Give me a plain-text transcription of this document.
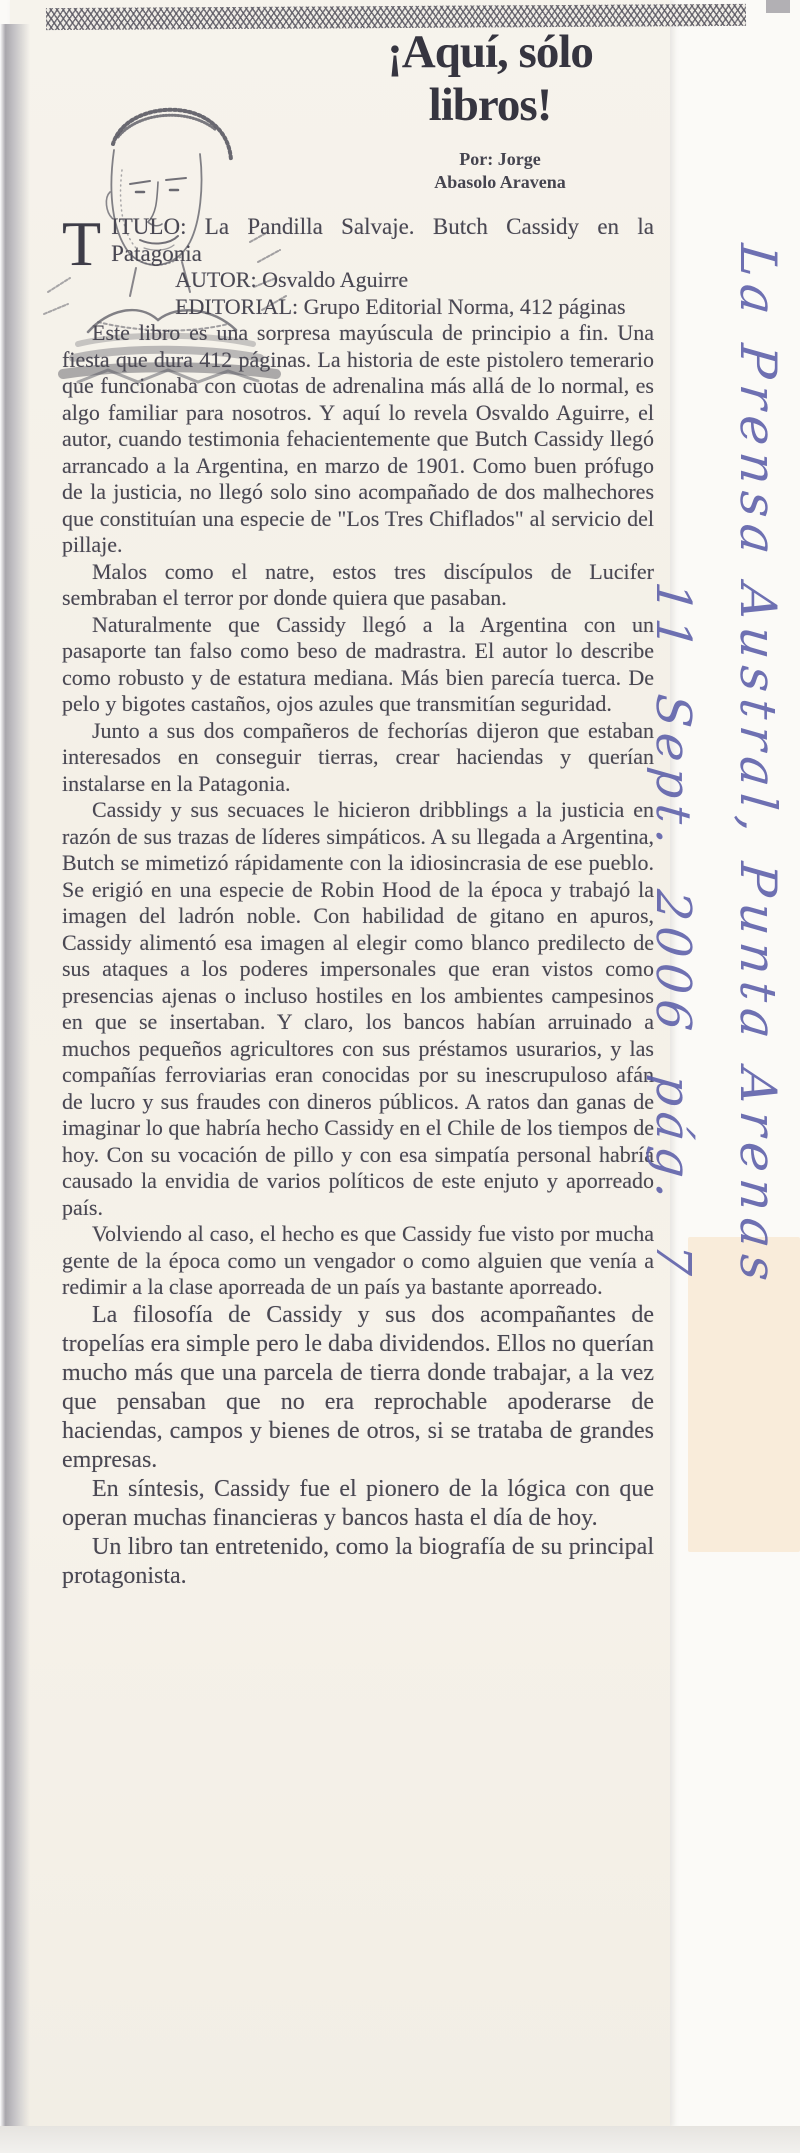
¡Aquí, sólo
libros!
Por: Jorge
Abasolo Aravena

TITULO: La Pandilla Salvaje. Butch Cassidy en la Patagonia

AUTOR: Osvaldo Aguirre

EDITORIAL: Grupo Editorial Norma, 412 páginas

Este libro es una sorpresa mayúscula de principio a fin. Una fiesta que dura 412 páginas. La historia de este pistolero temerario que funcionaba con cuotas de adrenalina más allá de lo normal, es algo familiar para nosotros. Y aquí lo revela Osvaldo Aguirre, el autor, cuando testimonia fehacientemente que Butch Cassidy llegó arrancado a la Argentina, en marzo de 1901. Como buen prófugo de la justicia, no llegó solo sino acompañado de dos malhechores que constituían una especie de "Los Tres Chiflados" al servicio del pillaje.

Malos como el natre, estos tres discípulos de Lucifer sembraban el terror por donde quiera que pasaban.

Naturalmente que Cassidy llegó a la Argentina con un pasaporte tan falso como beso de madrastra. El autor lo describe como robusto y de estatura mediana. Más bien parecía tuerca. De pelo y bigotes castaños, ojos azules que transmitían seguridad.

Junto a sus dos compañeros de fechorías dijeron que estaban interesados en conseguir tierras, crear haciendas y querían instalarse en la Patagonia.

Cassidy y sus secuaces le hicieron dribblings a la justicia en razón de sus trazas de líderes simpáticos. A su llegada a Argentina, Butch se mimetizó rápidamente con la idiosincrasia de ese pueblo. Se erigió en una especie de Robin Hood de la época y trabajó la imagen del ladrón noble. Con habilidad de gitano en apuros, Cassidy alimentó esa imagen al elegir como blanco predilecto de sus ataques a los poderes impersonales que eran vistos como presencias ajenas o incluso hostiles en los ambientes campesinos en que se insertaban. Y claro, los bancos habían arruinado a muchos pequeños agricultores con sus préstamos usurarios, y las compañías ferroviarias eran conocidas por su inescrupuloso afán de lucro y sus fraudes con dineros públicos. A ratos dan ganas de imaginar lo que habría hecho Cassidy en el Chile de los tiempos de hoy. Con su vocación de pillo y con esa simpatía personal habría causado la envidia de varios políticos de este enjuto y aporreado país.

Volviendo al caso, el hecho es que Cassidy fue visto por mucha gente de la época como un vengador o como alguien que venía a redimir a la clase aporreada de un país ya bastante aporreado.

La filosofía de Cassidy y sus dos acompañantes de tropelías era simple pero le daba dividendos. Ellos no querían mucho más que una parcela de tierra donde trabajar, a la vez que pensaban que no era reprochable apoderarse de haciendas, campos y bienes de otros, si se trataba de grandes empresas.

En síntesis, Cassidy fue el pionero de la lógica con que operan muchas financieras y bancos hasta el día de hoy.

Un libro tan entretenido, como la biografía de su principal protagonista.

La Prensa Austral, Punta Arenas
11 Sept. 2006 pág. 7
